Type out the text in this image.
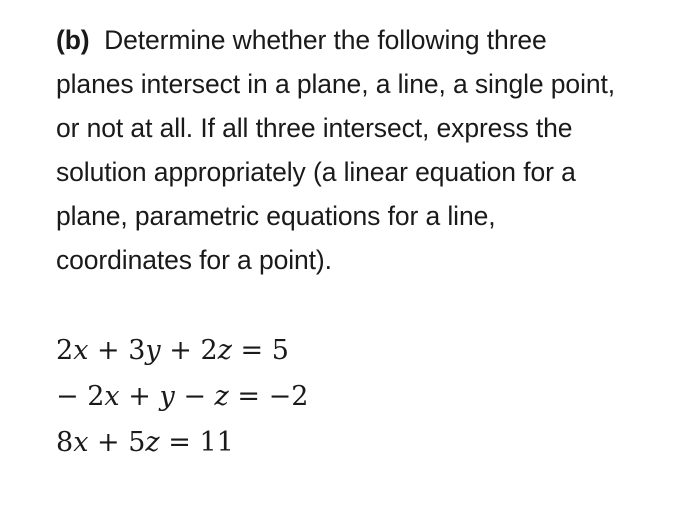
(b) Determine whether the following three
planes intersect in a plane, a line, a single point,
or not at all. If all three intersect, express the
solution appropriately (a linear equation for a
plane, parametric equations for a line,
coordinates for a point).
2x + 3y + 2z = 5
− 2x + y − z = −2
8x + 5z = 11
